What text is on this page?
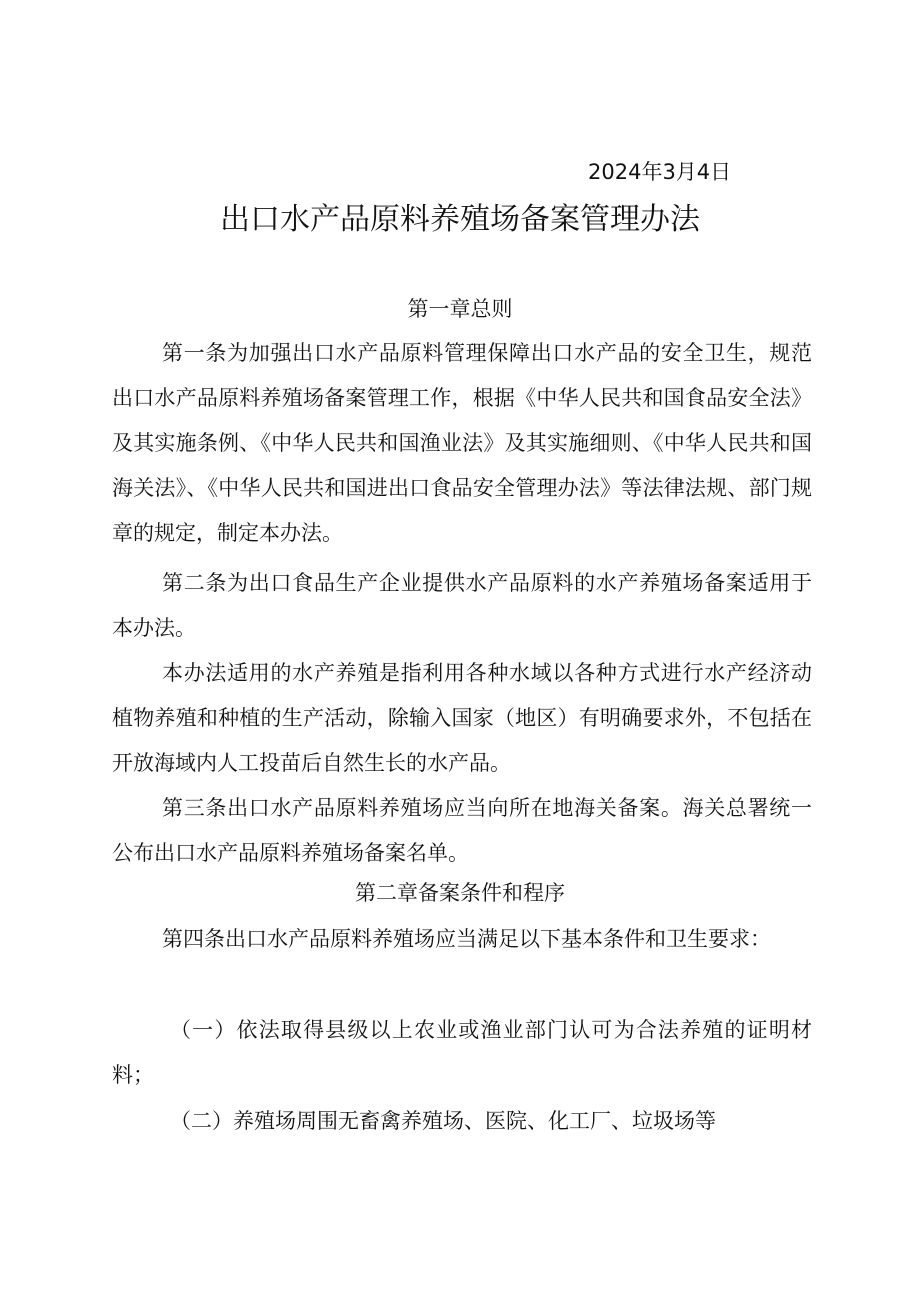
2024年3月4日
出口水产品原料养殖场备案管理办法
第一章总则
第一条为加强出口水产品原料管理保障出口水产品的安全卫生，规范出口水产品原料养殖场备案管理工作，根据《中华人民共和国食品安全法》及其实施条例、《中华人民共和国渔业法》及其实施细则、《中华人民共和国海关法》、《中华人民共和国进出口食品安全管理办法》等法律法规、部门规章的规定，制定本办法。
第二条为出口食品生产企业提供水产品原料的水产养殖场备案适用于本办法。
本办法适用的水产养殖是指利用各种水域以各种方式进行水产经济动植物养殖和种植的生产活动，除输入国家（地区）有明确要求外，不包括在开放海域内人工投苗后自然生长的水产品。
第三条出口水产品原料养殖场应当向所在地海关备案。海关总署统一公布出口水产品原料养殖场备案名单。
第二章备案条件和程序
第四条出口水产品原料养殖场应当满足以下基本条件和卫生要求：
（一）依法取得县级以上农业或渔业部门认可为合法养殖的证明材料；
（二）养殖场周围无畜禽养殖场、医院、化工厂、垃圾场等
